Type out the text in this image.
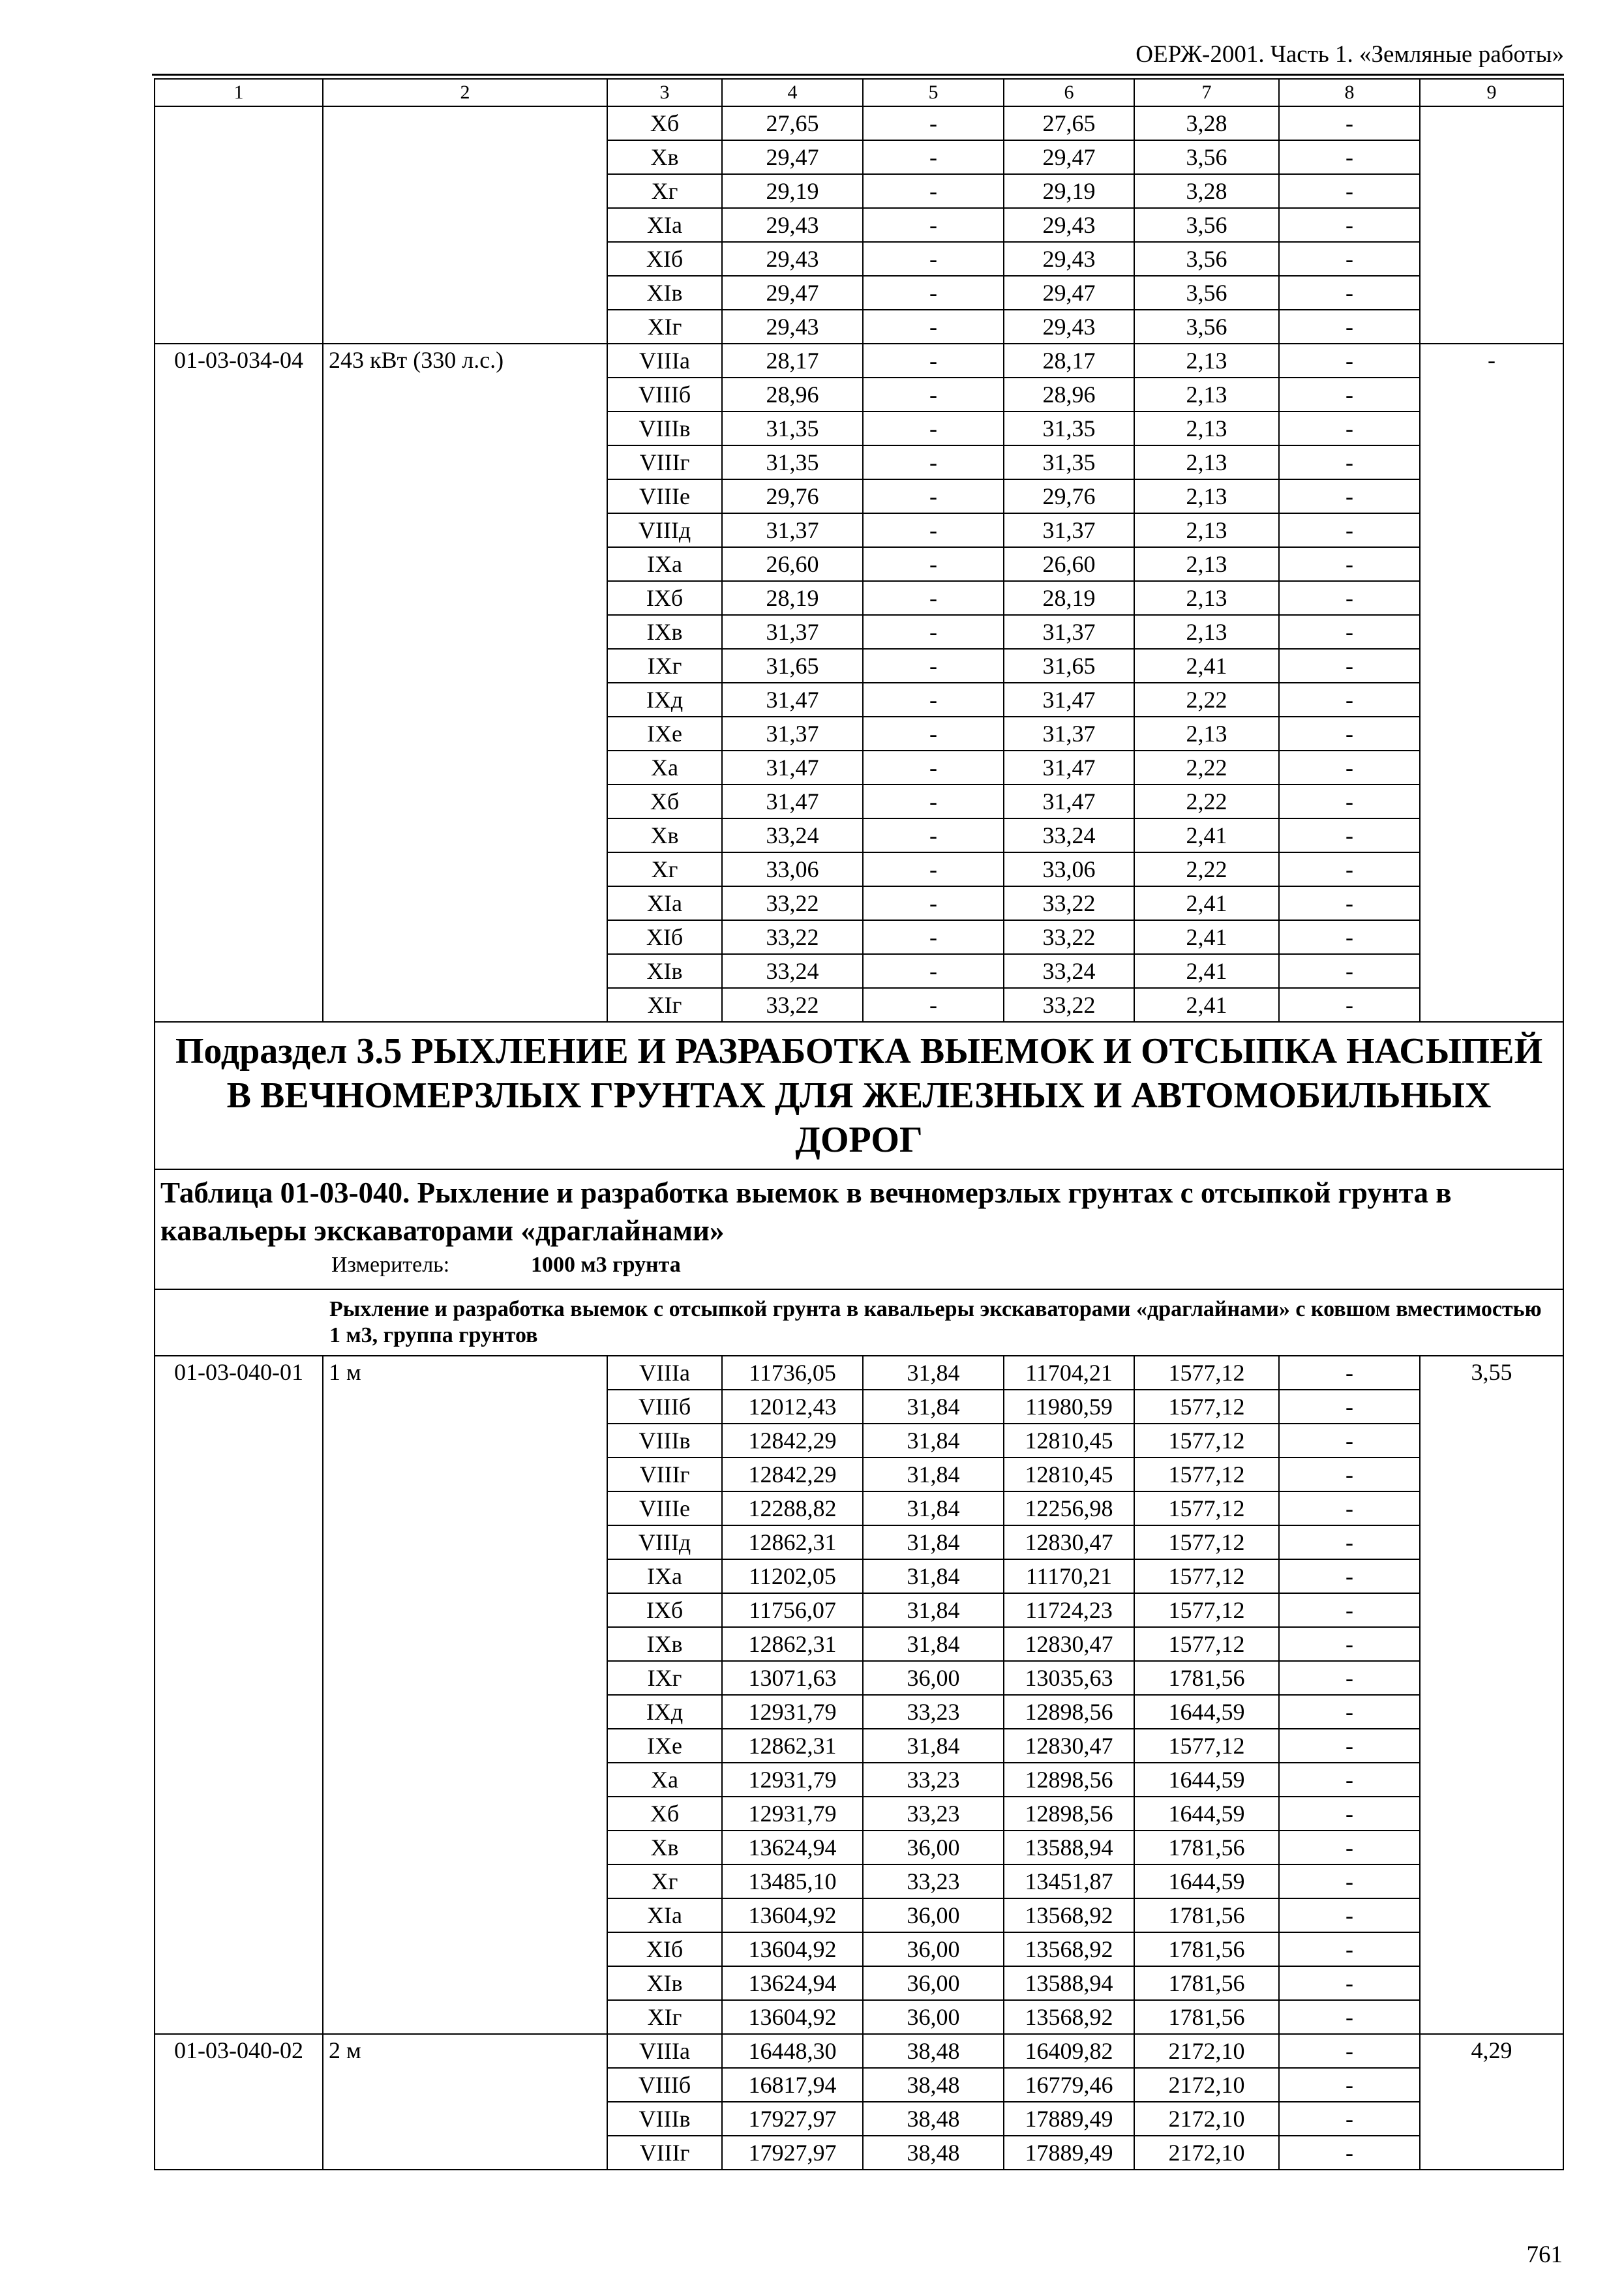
ОЕРЖ-2001. Часть 1. «Земляные работы»
1	2	3	4	5	6	7	8	9
		Хб	27,65	-	27,65	3,28	-	
		Хв	29,47	-	29,47	3,56	-	
		Хг	29,19	-	29,19	3,28	-	
		ХIа	29,43	-	29,43	3,56	-	
		ХIб	29,43	-	29,43	3,56	-	
		ХIв	29,47	-	29,47	3,56	-	
		ХIг	29,43	-	29,43	3,56	-	
01-03-034-04	243 кВт (330 л.с.)	VIIIа	28,17	-	28,17	2,13	-	-
		VIIIб	28,96	-	28,96	2,13	-	
		VIIIв	31,35	-	31,35	2,13	-	
		VIIIг	31,35	-	31,35	2,13	-	
		VIIIе	29,76	-	29,76	2,13	-	
		VIIIд	31,37	-	31,37	2,13	-	
		IХа	26,60	-	26,60	2,13	-	
		IХб	28,19	-	28,19	2,13	-	
		IХв	31,37	-	31,37	2,13	-	
		IХг	31,65	-	31,65	2,41	-	
		IХд	31,47	-	31,47	2,22	-	
		IХе	31,37	-	31,37	2,13	-	
		Ха	31,47	-	31,47	2,22	-	
		Хб	31,47	-	31,47	2,22	-	
		Хв	33,24	-	33,24	2,41	-	
		Хг	33,06	-	33,06	2,22	-	
		ХIа	33,22	-	33,22	2,41	-	
		ХIб	33,22	-	33,22	2,41	-	
		ХIв	33,24	-	33,24	2,41	-	
		ХIг	33,22	-	33,22	2,41	-	
Подраздел 3.5 РЫХЛЕНИЕ И РАЗРАБОТКА ВЫЕМОК И ОТСЫПКА НАСЫПЕЙ В ВЕЧНОМЕРЗЛЫХ ГРУНТАХ ДЛЯ ЖЕЛЕЗНЫХ И АВТОМОБИЛЬНЫХ ДОРОГ								

Таблица 01-03-040. Рыхление и разработка выемок в вечномерзлых грунтах с отсыпкой грунта в кавальеры экскаваторами «драглайнами»
Измеритель: 1000 м3 грунта								

	Рыхление и разработка выемок с отсыпкой грунта в кавальеры экскаваторами «драглайнами» с ковшом вместимостью 1 м3, группа грунтов							
01-03-040-01	1 м	VIIIа	11736,05	31,84	11704,21	1577,12	-	3,55
		VIIIб	12012,43	31,84	11980,59	1577,12	-	
		VIIIв	12842,29	31,84	12810,45	1577,12	-	
		VIIIг	12842,29	31,84	12810,45	1577,12	-	
		VIIIе	12288,82	31,84	12256,98	1577,12	-	
		VIIIд	12862,31	31,84	12830,47	1577,12	-	
		IХа	11202,05	31,84	11170,21	1577,12	-	
		IХб	11756,07	31,84	11724,23	1577,12	-	
		IХв	12862,31	31,84	12830,47	1577,12	-	
		IХг	13071,63	36,00	13035,63	1781,56	-	
		IХд	12931,79	33,23	12898,56	1644,59	-	
		IХе	12862,31	31,84	12830,47	1577,12	-	
		Ха	12931,79	33,23	12898,56	1644,59	-	
		Хб	12931,79	33,23	12898,56	1644,59	-	
		Хв	13624,94	36,00	13588,94	1781,56	-	
		Хг	13485,10	33,23	13451,87	1644,59	-	
		ХIа	13604,92	36,00	13568,92	1781,56	-	
		ХIб	13604,92	36,00	13568,92	1781,56	-	
		ХIв	13624,94	36,00	13588,94	1781,56	-	
		ХIг	13604,92	36,00	13568,92	1781,56	-	
01-03-040-02	2 м	VIIIа	16448,30	38,48	16409,82	2172,10	-	4,29
		VIIIб	16817,94	38,48	16779,46	2172,10	-	
		VIIIв	17927,97	38,48	17889,49	2172,10	-	
		VIIIг	17927,97	38,48	17889,49	2172,10	-	
761
